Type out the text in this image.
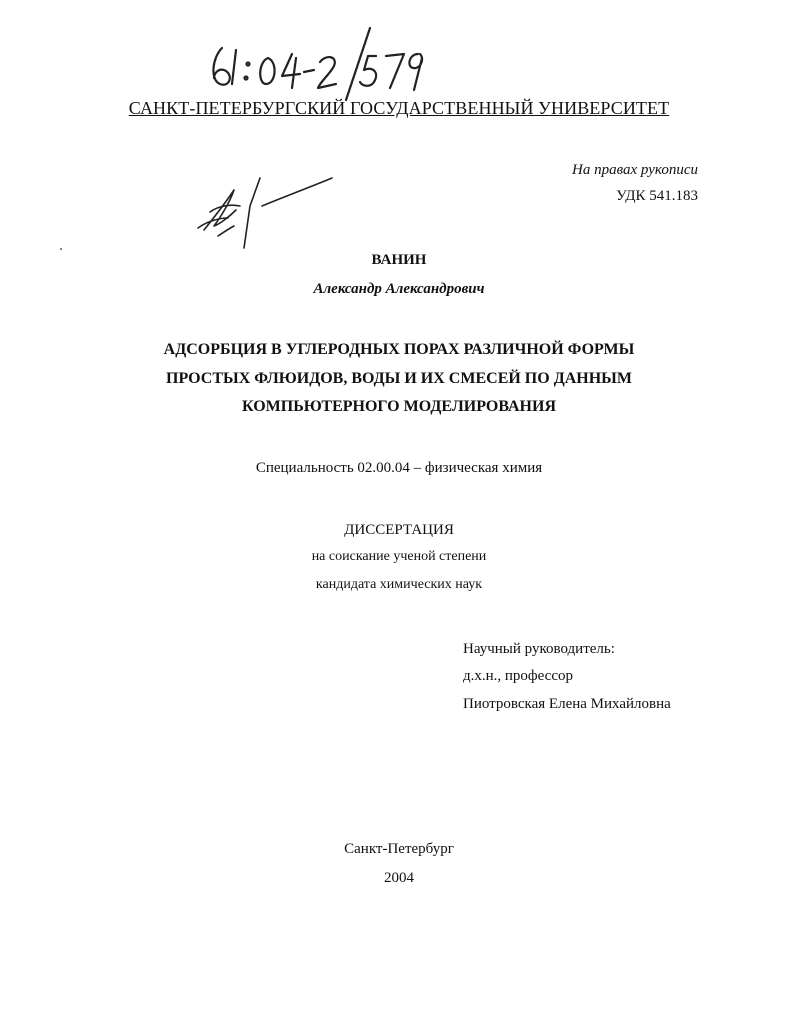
САНКТ-ПЕТЕРБУРГСКИЙ ГОСУДАРСТВЕННЫЙ УНИВЕРСИТЕТ
На правах рукописи
УДК 541.183
ВАНИН
Александр Александрович
АДСОРБЦИЯ В УГЛЕРОДНЫХ ПОРАХ РАЗЛИЧНОЙ ФОРМЫ
ПРОСТЫХ ФЛЮИДОВ, ВОДЫ И ИХ СМЕСЕЙ ПО ДАННЫМ
КОМПЬЮТЕРНОГО МОДЕЛИРОВАНИЯ
Специальность 02.00.04 – физическая химия
ДИССЕРТАЦИЯ
на соискание ученой степени
кандидата химических наук
Научный руководитель:
д.х.н., профессор
Пиотровская Елена Михайловна
Санкт-Петербург
2004
